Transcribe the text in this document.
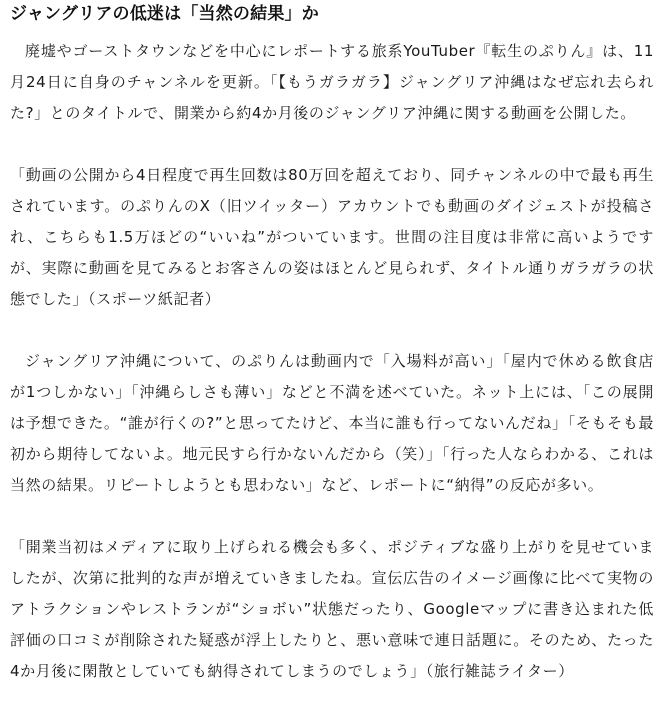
ジャングリアの低迷は「当然の結果」か

廃墟やゴーストタウンなどを中心にレポートする旅系YouTuber『転生のぷりん』は、11月24日に自身のチャンネルを更新。「【もうガラガラ】ジャングリア沖縄はなぜ忘れ去られた?」とのタイトルで、開業から約4か月後のジャングリア沖縄に関する動画を公開した。

「動画の公開から4日程度で再生回数は80万回を超えており、同チャンネルの中で最も再生されています。のぷりんのX（旧ツイッター）アカウントでも動画のダイジェストが投稿され、こちらも1.5万ほどの“いいね”がついています。世間の注目度は非常に高いようですが、実際に動画を見てみるとお客さんの姿はほとんど見られず、タイトル通りガラガラの状態でした」（スポーツ紙記者）

ジャングリア沖縄について、のぷりんは動画内で「入場料が高い」「屋内で休める飲食店が1つしかない」「沖縄らしさも薄い」などと不満を述べていた。ネット上には、「この展開は予想できた。“誰が行くの?”と思ってたけど、本当に誰も行ってないんだね」「そもそも最初から期待してないよ。地元民すら行かないんだから（笑）」「行った人ならわかる、これは当然の結果。リピートしようとも思わない」など、レポートに“納得”の反応が多い。

「開業当初はメディアに取り上げられる機会も多く、ポジティブな盛り上がりを見せていましたが、次第に批判的な声が増えていきましたね。宣伝広告のイメージ画像に比べて実物のアトラクションやレストランが“ショボい”状態だったり、Googleマップに書き込まれた低評価の口コミが削除された疑惑が浮上したりと、悪い意味で連日話題に。そのため、たった4か月後に閑散としていても納得されてしまうのでしょう」（旅行雑誌ライター）
